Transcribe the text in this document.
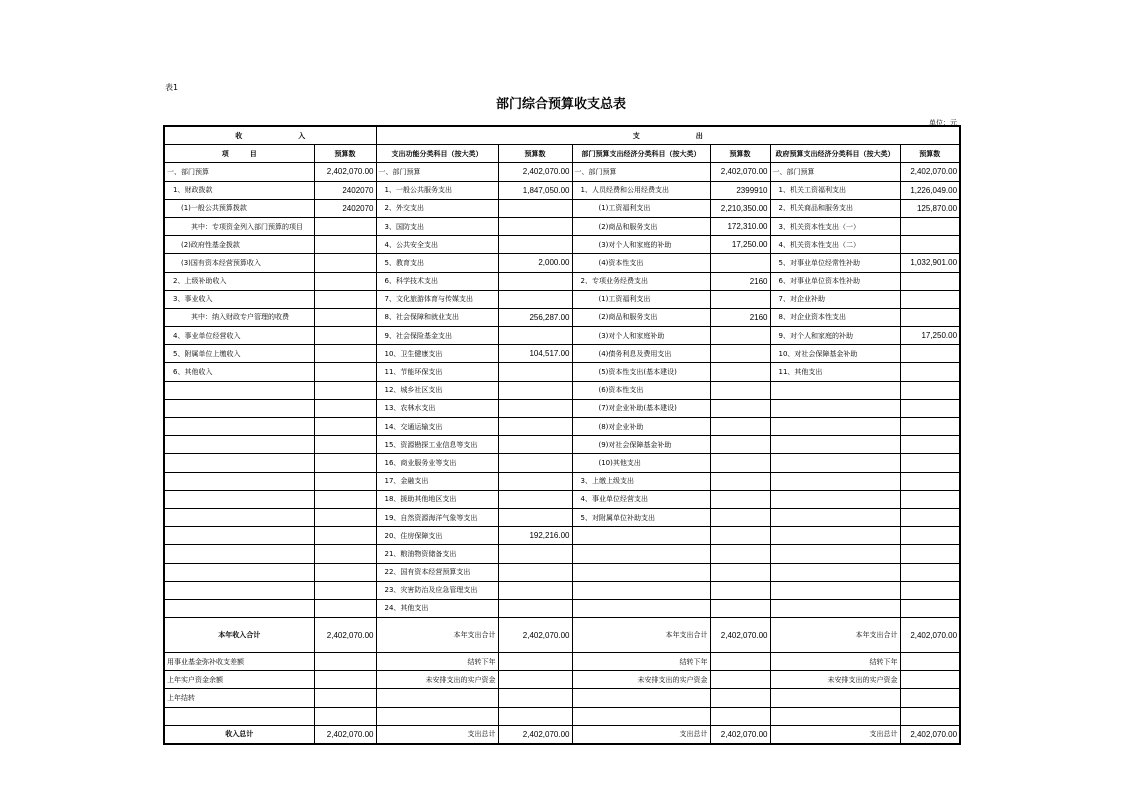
表1
部门综合预算收支总表
单位：元
收　　　　　　　　入		支　　　　　　　　出					
项　　　目	预算数	支出功能分类科目（按大类）	预算数	部门预算支出经济分类科目（按大类）	预算数	政府预算支出经济分类科目（按大类）	预算数
一、部门预算	2,402,070.00	一、部门预算	2,402,070.00	一、部门预算	2,402,070.00	一、部门预算	2,402,070.00
1、财政拨款	2402070	1、一般公共服务支出	1,847,050.00	1、人员经费和公用经费支出	2399910	1、机关工资福利支出	1,226,049.00
(1)一般公共预算拨款	2402070	2、外交支出		(1)工资福利支出	2,210,350.00	2、机关商品和服务支出	125,870.00
其中：专项资金列入部门预算的项目		3、国防支出		(2)商品和服务支出	172,310.00	3、机关资本性支出（一）	
(2)政府性基金拨款		4、公共安全支出		(3)对个人和家庭的补助	17,250.00	4、机关资本性支出（二）	
(3)国有资本经营预算收入		5、教育支出	2,000.00	(4)资本性支出		5、对事业单位经常性补助	1,032,901.00
2、上级补助收入		6、科学技术支出		2、专项业务经费支出	2160	6、对事业单位资本性补助	
3、事业收入		7、文化旅游体育与传媒支出		(1)工资福利支出		7、对企业补助	
其中：纳入财政专户管理的收费		8、社会保障和就业支出	256,287.00	(2)商品和服务支出	2160	8、对企业资本性支出	
4、事业单位经营收入		9、社会保险基金支出		(3)对个人和家庭补助		9、对个人和家庭的补助	17,250.00
5、附属单位上缴收入		10、卫生健康支出	104,517.00	(4)债务利息及费用支出		10、对社会保障基金补助	
6、其他收入		11、节能环保支出		(5)资本性支出(基本建设)		11、其他支出	
		12、城乡社区支出		(6)资本性支出			
		13、农林水支出		(7)对企业补助(基本建设)			
		14、交通运输支出		(8)对企业补助			
		15、资源勘探工业信息等支出		(9)对社会保障基金补助			
		16、商业服务业等支出		(10)其他支出			
		17、金融支出		3、上缴上级支出			
		18、援助其他地区支出		4、事业单位经营支出			
		19、自然资源海洋气象等支出		5、对附属单位补助支出			
		20、住房保障支出	192,216.00				
		21、粮油物资储备支出					
		22、国有资本经营预算支出					
		23、灾害防治及应急管理支出					
		24、其他支出					
本年收入合计	2,402,070.00	本年支出合计	2,402,070.00	本年支出合计	2,402,070.00	本年支出合计	2,402,070.00
用事业基金弥补收支差额		结转下年		结转下年		结转下年	
上年实户资金余额		未安排支出的实户资金		未安排支出的实户资金		未安排支出的实户资金	
上年结转							

收入总计	2,402,070.00	支出总计	2,402,070.00	支出总计	2,402,070.00	支出总计	2,402,070.00
